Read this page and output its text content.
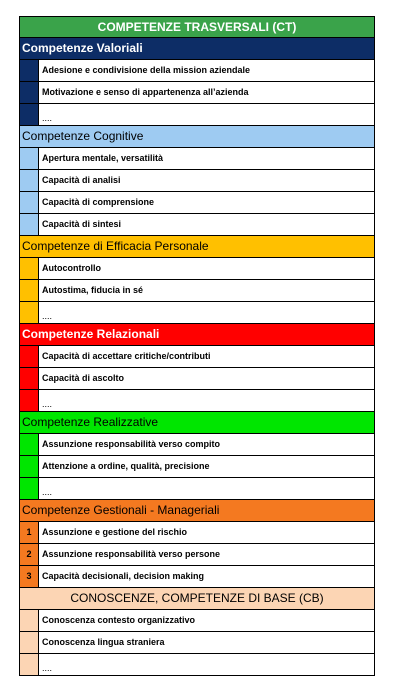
COMPETENZE TRASVERSALI (CT)
Competenze Valoriali
Adesione e condivisione della mission aziendale
Motivazione e senso di appartenenza all’azienda
....
Competenze Cognitive
Apertura mentale, versatilità
Capacità di analisi
Capacità di comprensione
Capacità di sintesi
Competenze di Efficacia Personale
Autocontrollo
Autostima, fiducia in sé
....
Competenze Relazionali
Capacità di accettare critiche/contributi
Capacità di ascolto
....
Competenze Realizzative
Assunzione responsabilità verso compito
Attenzione a ordine, qualità, precisione
....
Competenze Gestionali - Manageriali
1	Assunzione e gestione del rischio
2	Assunzione responsabilità verso persone
3	Capacità decisionali, decision making
CONOSCENZE, COMPETENZE DI BASE (CB)
Conoscenza contesto organizzativo
Conoscenza lingua straniera
....
